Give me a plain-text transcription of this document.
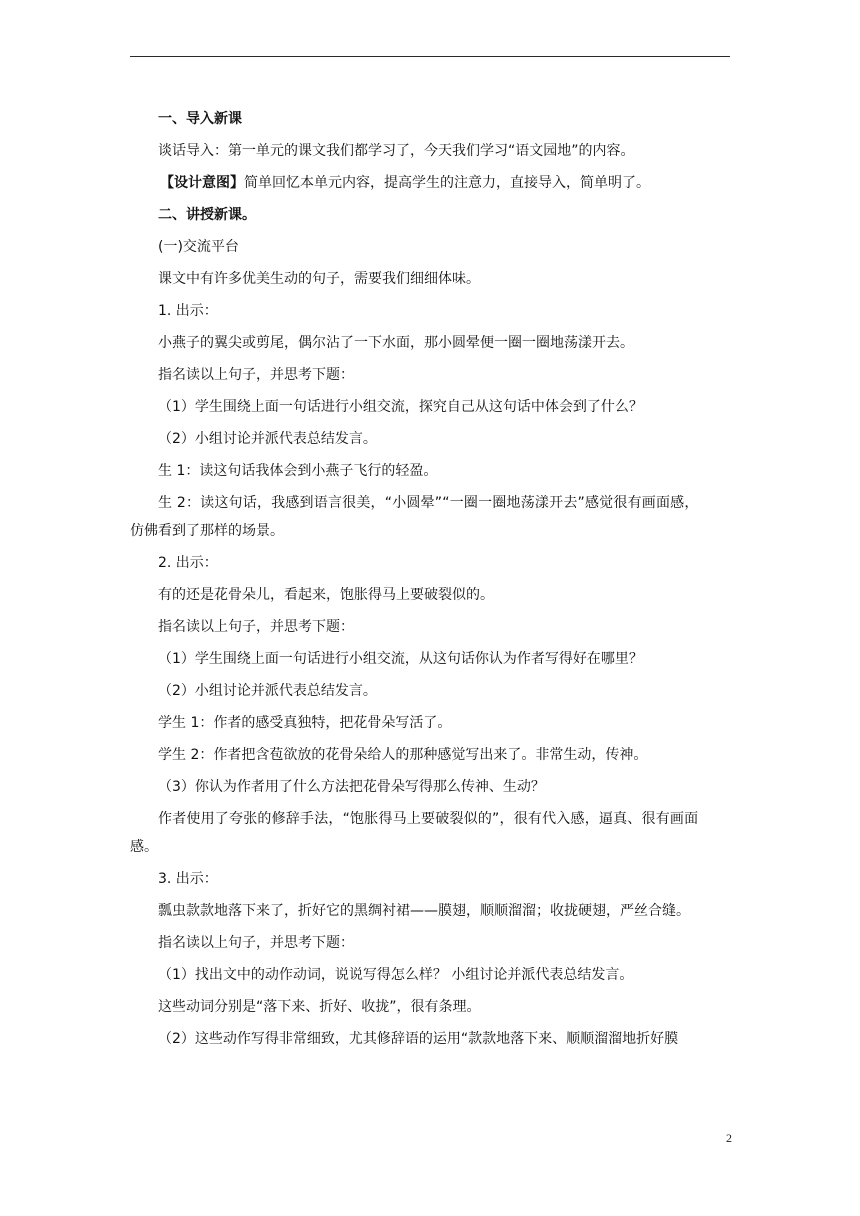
一、导入新课

谈话导入：第一单元的课文我们都学习了，今天我们学习“语文园地”的内容。

【设计意图】简单回忆本单元内容，提高学生的注意力，直接导入，简单明了。

二、讲授新课。

(一)交流平台

课文中有许多优美生动的句子，需要我们细细体味。

1. 出示：

小燕子的翼尖或剪尾，偶尔沾了一下水面，那小圆晕便一圈一圈地荡漾开去。

指名读以上句子，并思考下题：

（1）学生围绕上面一句话进行小组交流，探究自己从这句话中体会到了什么？

（2）小组讨论并派代表总结发言。

生 1：读这句话我体会到小燕子飞行的轻盈。

生 2：读这句话，我感到语言很美，“小圆晕”“一圈一圈地荡漾开去”感觉很有画面感，

仿佛看到了那样的场景。

2. 出示：

有的还是花骨朵儿，看起来，饱胀得马上要破裂似的。

指名读以上句子，并思考下题：

（1）学生围绕上面一句话进行小组交流，从这句话你认为作者写得好在哪里？

（2）小组讨论并派代表总结发言。

学生 1：作者的感受真独特，把花骨朵写活了。

学生 2：作者把含苞欲放的花骨朵给人的那种感觉写出来了。非常生动，传神。

（3）你认为作者用了什么方法把花骨朵写得那么传神、生动？

作者使用了夸张的修辞手法，“饱胀得马上要破裂似的”，很有代入感，逼真、很有画面

感。

3. 出示：

瓢虫款款地落下来了，折好它的黑绸衬裙——膜翅，顺顺溜溜；收拢硬翅，严丝合缝。

指名读以上句子，并思考下题：

（1）找出文中的动作动词，说说写得怎么样？ 小组讨论并派代表总结发言。

这些动词分别是“落下来、折好、收拢”，很有条理。

（2）这些动作写得非常细致，尤其修辞语的运用“款款地落下来、顺顺溜溜地折好膜

2
